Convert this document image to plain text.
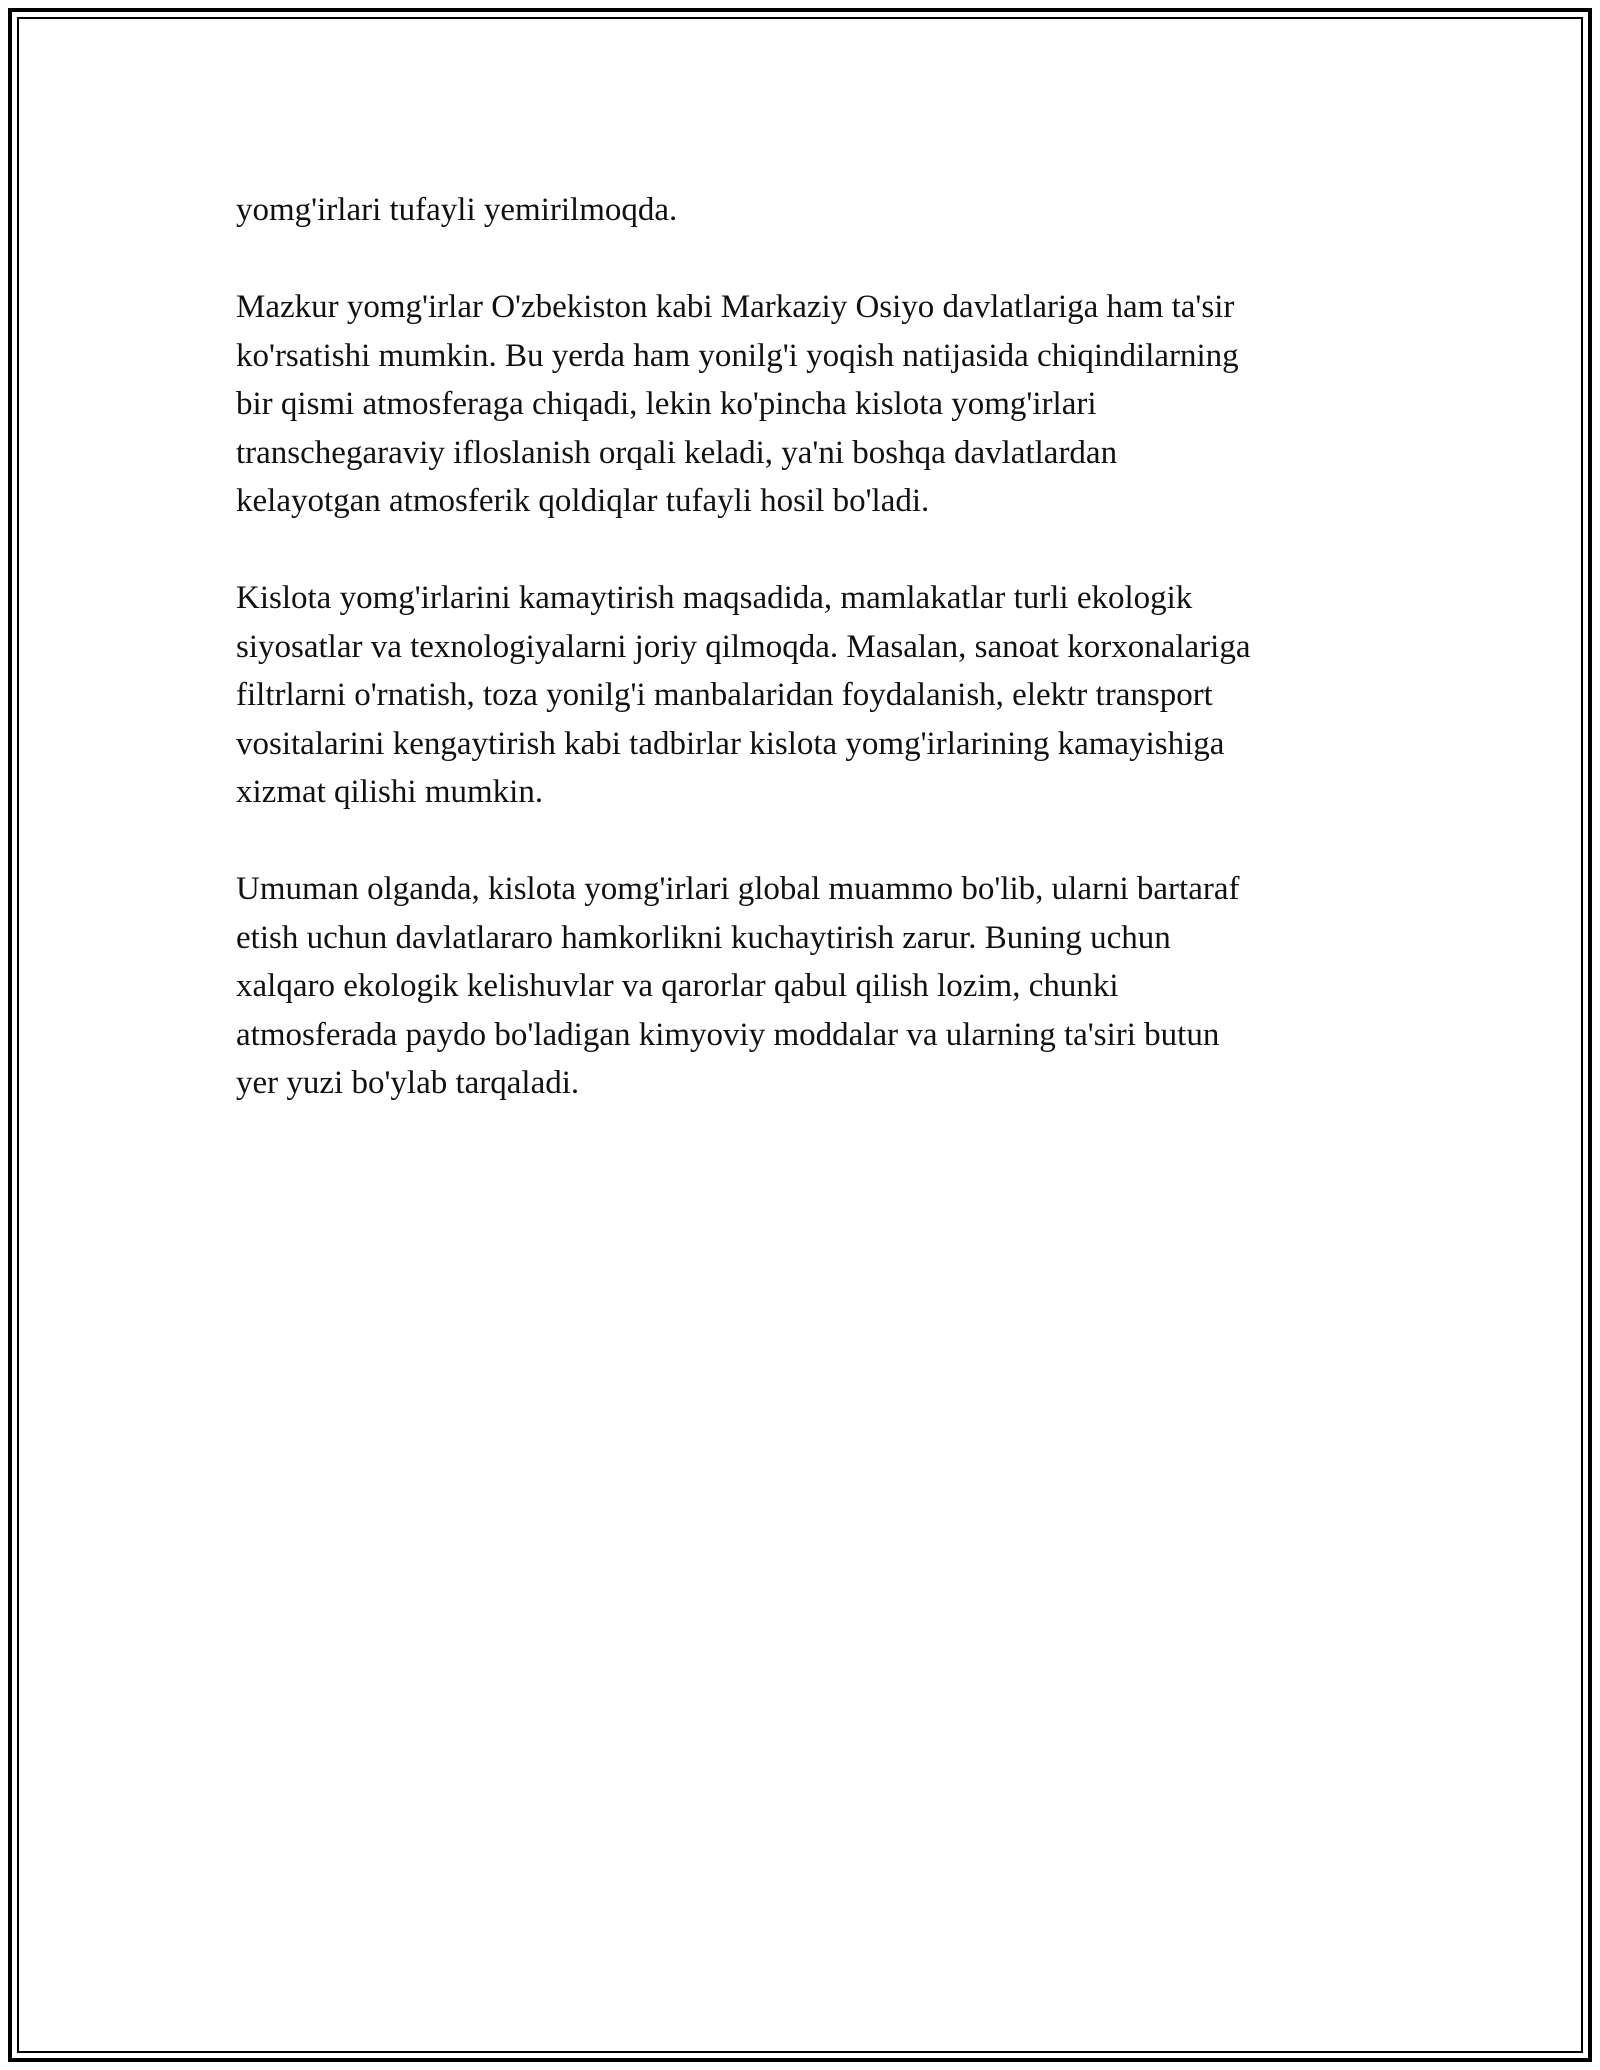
yomg'irlari tufayli yemirilmoqda.

Mazkur yomg'irlar O'zbekiston kabi Markaziy Osiyo davlatlariga ham ta'sir
ko'rsatishi mumkin. Bu yerda ham yonilg'i yoqish natijasida chiqindilarning
bir qismi atmosferaga chiqadi, lekin ko'pincha kislota yomg'irlari
transchegaraviy ifloslanish orqali keladi, ya'ni boshqa davlatlardan
kelayotgan atmosferik qoldiqlar tufayli hosil bo'ladi.

Kislota yomg'irlarini kamaytirish maqsadida, mamlakatlar turli ekologik
siyosatlar va texnologiyalarni joriy qilmoqda. Masalan, sanoat korxonalariga
filtrlarni o'rnatish, toza yonilg'i manbalaridan foydalanish, elektr transport
vositalarini kengaytirish kabi tadbirlar kislota yomg'irlarining kamayishiga
xizmat qilishi mumkin.

Umuman olganda, kislota yomg'irlari global muammo bo'lib, ularni bartaraf
etish uchun davlatlararo hamkorlikni kuchaytirish zarur. Buning uchun
xalqaro ekologik kelishuvlar va qarorlar qabul qilish lozim, chunki
atmosferada paydo bo'ladigan kimyoviy moddalar va ularning ta'siri butun
yer yuzi bo'ylab tarqaladi.
